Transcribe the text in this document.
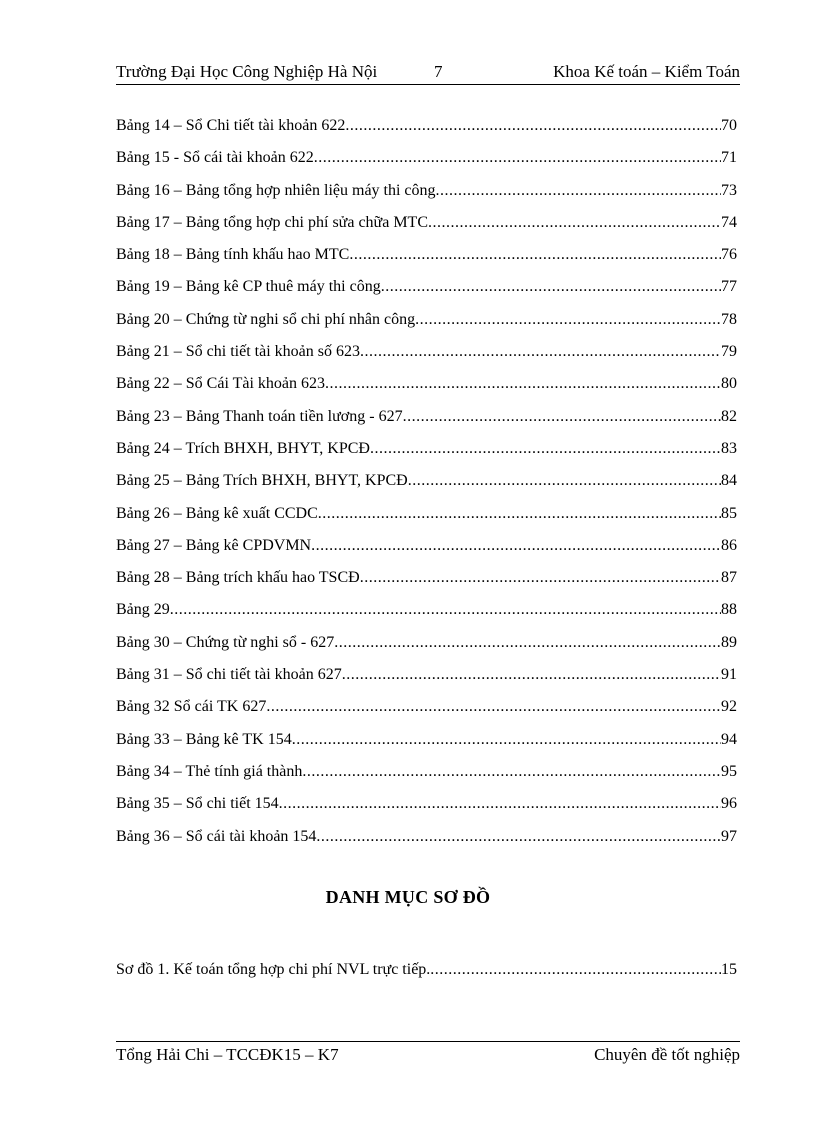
Trường Đại Học Công Nghiệp Hà Nội	7	Khoa Kế toán – Kiểm Toán
Bảng 14 – Sổ Chi tiết tài khoản 622 .....	70
Bảng 15 - Sổ cái tài khoản 622 .....	71
Bảng 16 – Bảng tổng hợp nhiên liệu máy thi công .....	73
Bảng 17 – Bảng tổng hợp chi phí sửa chữa MTC .....	74
Bảng 18 – Bảng tính khấu hao MTC .....	76
Bảng 19 – Bảng kê CP thuê máy thi công .....	77
Bảng 20 – Chứng từ nghi sổ chi phí nhân công .....	78
Bảng 21 – Sổ chi tiết tài khoản số 623 .....	79
Bảng 22 – Sổ Cái Tài khoản 623 .....	80
Bảng 23 – Bảng Thanh toán tiền lương - 627 .....	82
Bảng 24 – Trích BHXH, BHYT, KPCĐ .....	83
Bảng 25 – Bảng Trích BHXH, BHYT, KPCĐ .....	84
Bảng 26 – Bảng kê xuất CCDC .....	85
Bảng 27 – Bảng kê CPDVMN .....	86
Bảng 28 – Bảng trích khấu hao TSCĐ .....	87
Bảng 29 .....	88
Bảng 30 – Chứng từ nghi sổ - 627 .....	89
Bảng 31 – Sổ chi tiết tài khoản 627 .....	91
Bảng 32 Sổ cái TK 627 .....	92
Bảng 33 – Bảng kê TK 154 .....	94
Bảng 34 – Thẻ tính giá thành .....	95
Bảng 35 – Sổ chi tiết 154 .....	96
Bảng 36 – Sổ cái tài khoản 154 .....	97
DANH MỤC SƠ ĐỒ
Sơ đồ 1. Kế toán tổng hợp chi phí NVL trực tiếp. .....	15
Tổng Hải Chi – TCCĐK15 – K7	Chuyên đề tốt nghiệp
